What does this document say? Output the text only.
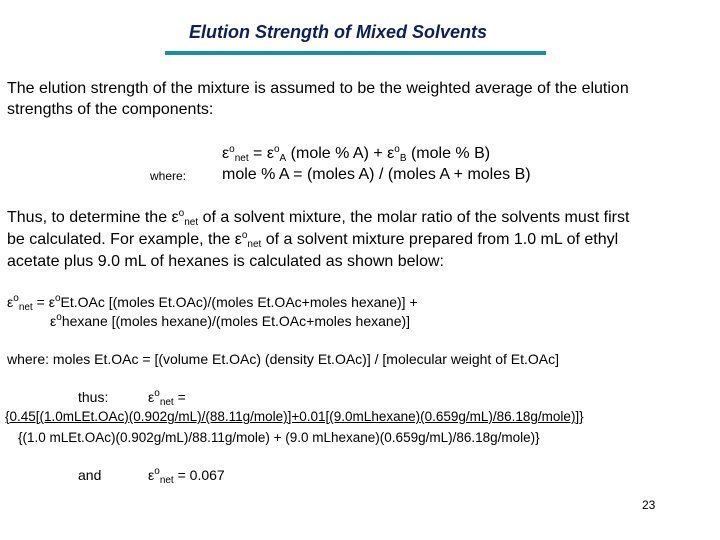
Elution Strength of Mixed Solvents
The elution strength of the mixture is assumed to be the weighted average of the elution
strengths of the components:
where:
$\varepsilon^o_{net} = \varepsilon^o_A$ (mole % $A) + \varepsilon^o_B$ (mole % B)
mole % A = (moles A) / (moles A + moles B)
Thus, to determine the $\varepsilon^o_{net}$ of a solvent mixture, the molar ratio of the solvents must first
be calculated. For example, the $\varepsilon^o_{net}$ of a solvent mixture prepared from 1.0 mL of ethyl
acetate plus 9.0 mL of hexanes is calculated as shown below:
$\varepsilon^o_{net} = \varepsilon^oEt.OAc$ [(moles Et.OAc)/(moles Et.OAc+moles hexane)] +
$\varepsilon^ohexane$ [(moles hexane)/(moles Et.OAc+moles hexane)]
where: moles Et.OAc = [(volume Et.OAc) (density Et.OAc)] / [molecular weight of Et.OAc]
thus:	$\varepsilon^o_{net}$ =
{0.45[(1.0mLEt.OAc)(0.902g/mL)/(88.11g/mole)]+0.01[(9.0mLhexane)(0.659g/mL)/86.18g/mole)]}
{(1.0 mLEt.OAc)(0.902g/mL)/88.11g/mole) + (9.0 mLhexane)(0.659g/mL)/86.18g/mole)}
and	$\varepsilon^o_{net} = 0.067$
23
